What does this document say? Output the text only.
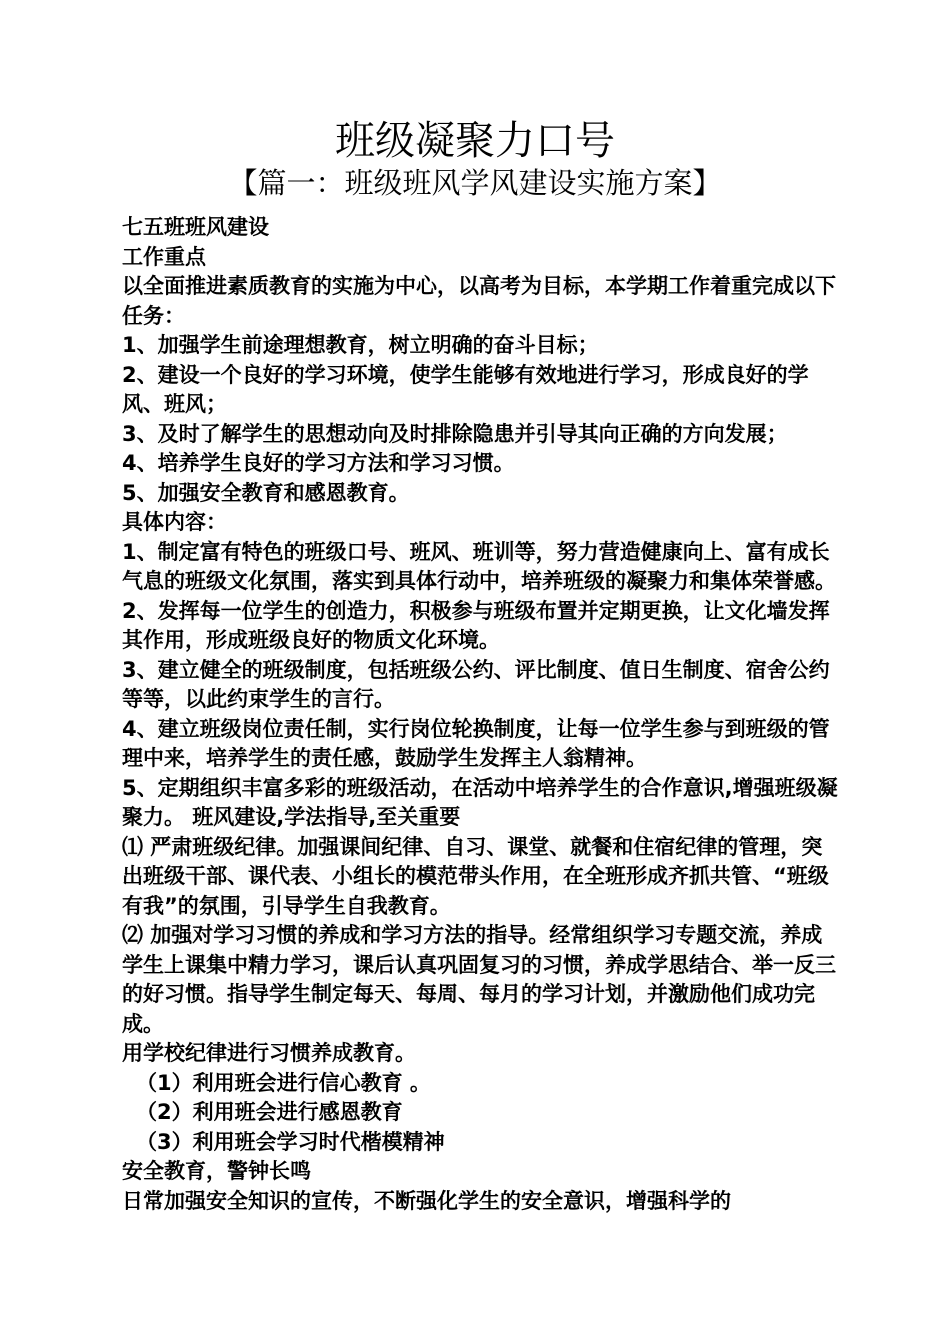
班级凝聚力口号
【篇一：班级班风学风建设实施方案】

七五班班风建设

工作重点

以全面推进素质教育的实施为中心，以高考为目标，本学期工作着重完成以下任务：

1、加强学生前途理想教育，树立明确的奋斗目标；

2、建设一个良好的学习环境，使学生能够有效地进行学习，形成良好的学风、班风；

3、及时了解学生的思想动向及时排除隐患并引导其向正确的方向发展；

4、培养学生良好的学习方法和学习习惯。

5、加强安全教育和感恩教育。

具体内容：

1、制定富有特色的班级口号、班风、班训等，努力营造健康向上、富有成长气息的班级文化氛围，落实到具体行动中，培养班级的凝聚力和集体荣誉感。

2、发挥每一位学生的创造力，积极参与班级布置并定期更换，让文化墙发挥其作用，形成班级良好的物质文化环境。

3、建立健全的班级制度，包括班级公约、评比制度、值日生制度、宿舍公约等等，以此约束学生的言行。

4、建立班级岗位责任制，实行岗位轮换制度，让每一位学生参与到班级的管理中来，培养学生的责任感，鼓励学生发挥主人翁精神。

5、定期组织丰富多彩的班级活动，在活动中培养学生的合作意识,增强班级凝聚力。 班风建设,学法指导,至关重要

⑴ 严肃班级纪律。加强课间纪律、自习、课堂、就餐和住宿纪律的管理，突出班级干部、课代表、小组长的模范带头作用，在全班形成齐抓共管、“班级有我”的氛围，引导学生自我教育。

⑵ 加强对学习习惯的养成和学习方法的指导。经常组织学习专题交流，养成学生上课集中精力学习，课后认真巩固复习的习惯，养成学思结合、举一反三的好习惯。指导学生制定每天、每周、每月的学习计划，并激励他们成功完成。

用学校纪律进行习惯养成教育。

（1）利用班会进行信心教育 。

（2）利用班会进行感恩教育

（3）利用班会学习时代楷模精神

安全教育，警钟长鸣

日常加强安全知识的宣传，不断强化学生的安全意识，增强科学的
